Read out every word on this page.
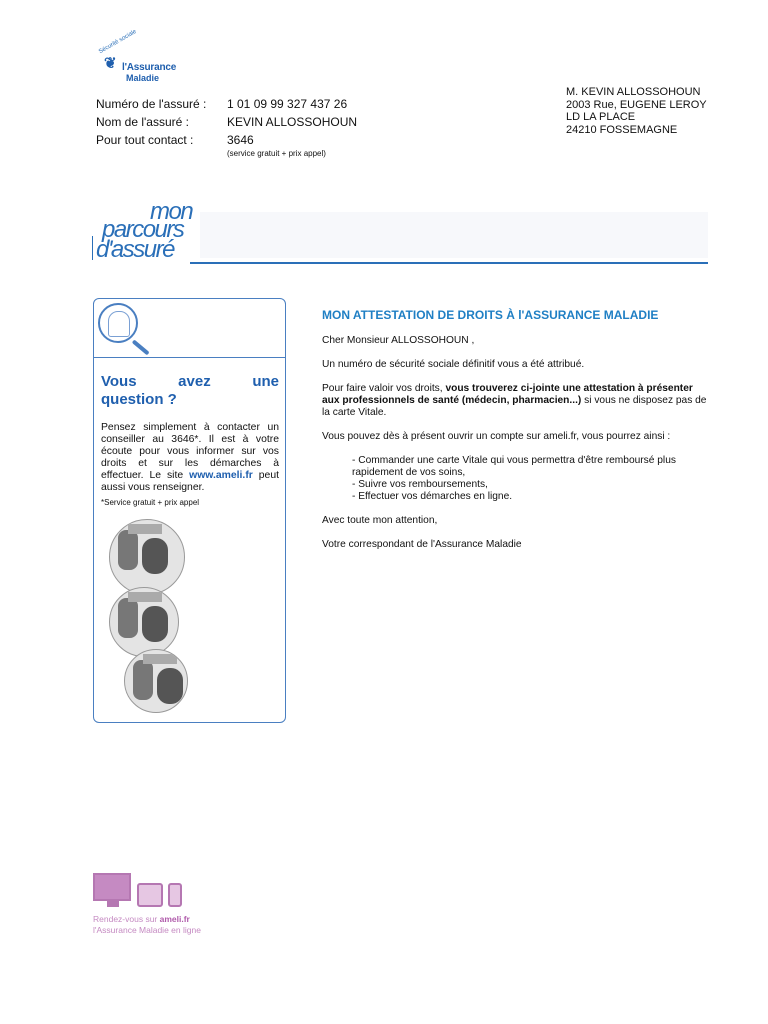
Sécurité sociale
❦ l'Assurance
Maladie
Numéro de l'assuré :	1 01 09 99 327 437 26
Nom de l'assuré :	KEVIN ALLOSSOHOUN
Pour tout contact :	3646
(service gratuit + prix appel)
M. KEVIN ALLOSSOHOUN
2003 Rue, EUGENE LEROY
LD LA PLACE
24210 FOSSEMAGNE
mon
parcours
d'assuré
Vous avez une
question ?
Pensez simplement à contacter un conseiller au 3646*. Il est à votre écoute pour vous informer sur vos droits et sur les démarches à effectuer. Le site www.ameli.fr peut aussi vous renseigner.
*Service gratuit + prix appel
MON ATTESTATION DE DROITS À l'ASSURANCE MALADIE

Cher Monsieur ALLOSSOHOUN ,

Un numéro de sécurité sociale définitif vous a été attribué.

Pour faire valoir vos droits, vous trouverez ci-jointe une attestation à présenter aux professionnels de santé (médecin, pharmacien...) si vous ne disposez pas de la carte Vitale.

Vous pouvez dès à présent ouvrir un compte sur ameli.fr, vous pourrez ainsi :

- Commander une carte Vitale qui vous permettra d'être remboursé plus rapidement de vos soins,
- Suivre vos remboursements,
- Effectuer vos démarches en ligne.

Avec toute mon attention,

Votre correspondant de l'Assurance Maladie

Rendez-vous sur ameli.fr l'Assurance Maladie en ligne
